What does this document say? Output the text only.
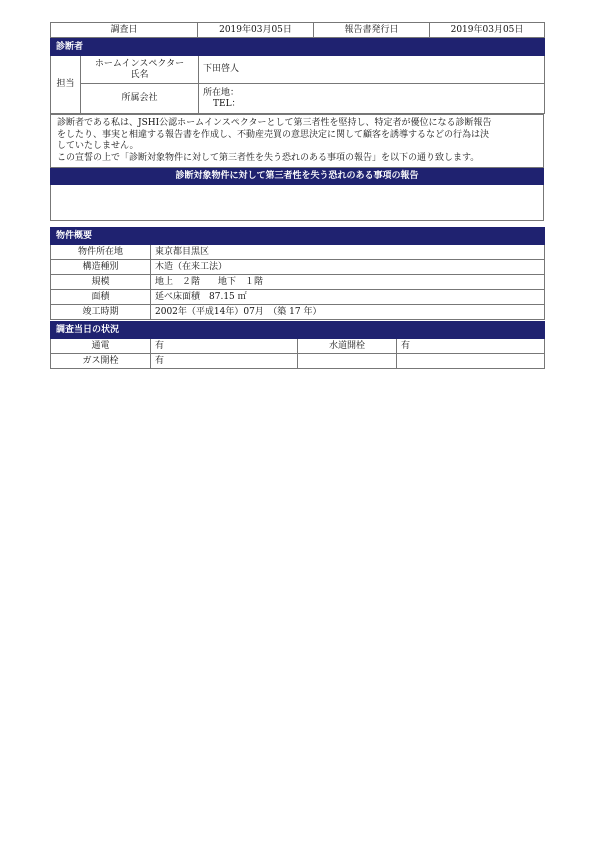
調査日	2019年03月05日	報告書発行日	2019年03月05日
診断者		
担当	ホームインスペクター
氏名	下田啓人
	所属会社	所在地：
TEL：
診断者である私は、JSHI公認ホームインスペクターとして第三者性を堅持し、特定者が優位になる診断報告
をしたり、事実と相違する報告書を作成し、不動産売買の意思決定に関して顧客を誘導するなどの行為は決
していたしません。
この宣誓の上で「診断対象物件に対して第三者性を失う恐れのある事項の報告」を以下の通り致します。

診断対象物件に対して第三者性を失う恐れのある事項の報告

物件概要	
物件所在地	東京都目黒区
構造種別	木造（在来工法）
規模	地上　２階　　地下　１階
面積	延べ床面積　87.15 ㎡
竣工時期	2002年（平成14年）07月　（築 17 年）
調査当日の状況			
通電	有	水道開栓	有
ガス開栓	有		
